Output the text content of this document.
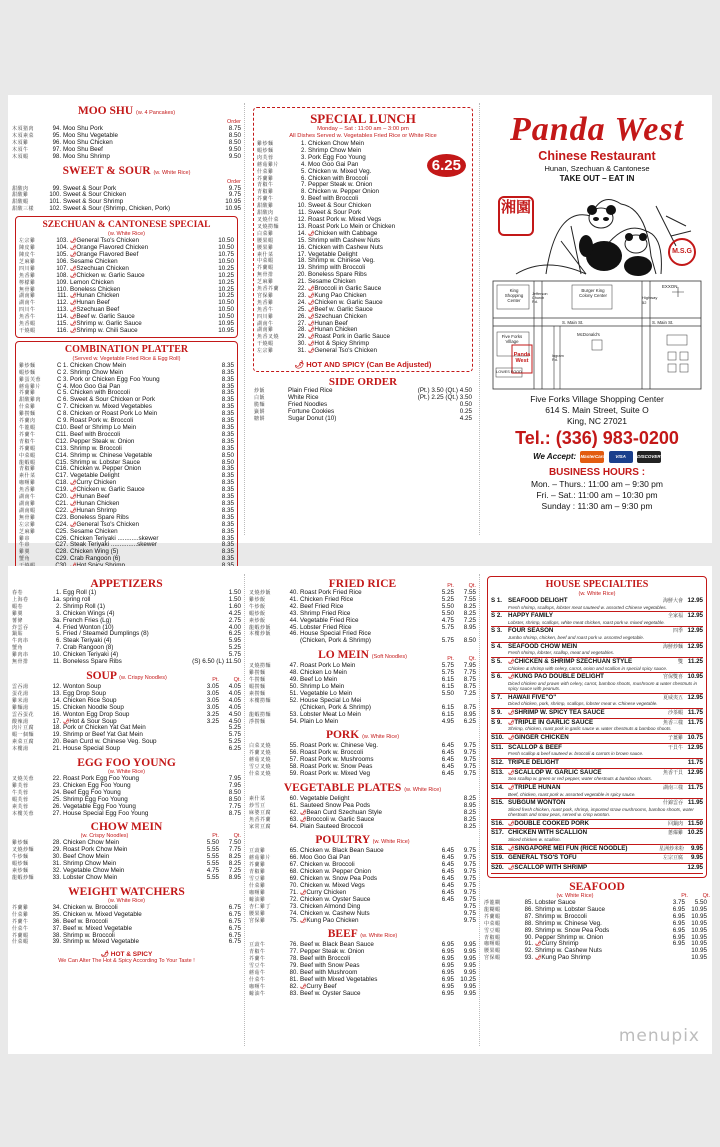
MOO SHU (w. 4 Pancakes)
Order
木須猪肉	94. Moo Shu Pork	8.75
木須素菜	95. Moo Shu Vegetable	8.50
木須雞	96. Moo Shu Chicken	8.50
木須牛	97. Moo Shu Beef	9.50
木須蝦	98. Moo Shu Shrimp	9.50
SWEET & SOUR (w. White Rice)
Order
甜酸肉	99. Sweet & Sour Pork	9.75
甜酸雞	100. Sweet & Sour Chicken	9.75
甜酸蝦	101. Sweet & Sour Shrimp	10.95
甜酸三樣	102. Sweet & Sour (Shrimp, Chicken, Pork)	10.95
SZECHUAN & CANTONESE SPECIAL
(w. White Rice)
左宗雞	103. 🌶 General Tso's Chicken	10.50
陳皮雞	104. 🌶 Orange Flavored Chicken	10.50
陳皮牛	105. 🌶 Orange Flavored Beef	10.75
芝麻雞	106. Sesame Chicken	10.50
四川雞	107. 🌶 Szechuan Chicken	10.25
魚香雞	108. 🌶 Chicken w. Garlic Sauce	10.25
檸檬雞	109. Lemon Chicken	10.25
無骨雞	110. Boneless Chicken	10.25
湖南雞	111. 🌶 Hunan Chicken	10.25
湖南牛	112. 🌶 Hunan Beef	10.50
四川牛	113. 🌶 Szechuan Beef	10.50
魚香牛	114. 🌶 Beef w. Garlic Sauce	10.50
魚香蝦	115. 🌶 Shrimp w. Garlic Sauce	10.95
干燒蝦	116. 🌶 Shrimp w. Chili Sauce	10.95
COMBINATION PLATTER
(Served w. Vegetable Fried Rice & Egg Roll)
雞炒麵	C 1. Chicken Chow Mein	8.35
蝦炒麵	C 2. Shrimp Chow Mein	8.35
雞蛋芙蓉	C 3. Pork or Chicken Egg Foo Young	8.35
蘑菇雞片	C 4. Moo Goo Gai Pan	8.35
芥蘭雞	C 5. Chicken with Broccoli	8.35
甜酸雞肉	C 6. Sweet & Sour Chicken or Pork	8.35
什菜雞	C 7. Chicken w. Mixed Vegetables	8.35
雞撈麵	C 8. Chicken or Roast Pork Lo Mein	8.35
芥蘭肉	C 9. Roast Pork w. Broccoli	8.35
牛龍蝦	C10. Beef or Shrimp Lo Mein	8.35
芥蘭牛	C11. Beef with Broccoli	8.35
青椒牛	C12. Pepper Steak w. Onion	8.35
芥蘭蝦	C13. Shrimp w. Broccoli	8.35
中菜蝦	C14. Shrimp w. Chinese Vegetable	8.50
龍蝦蝦	C15. Shrimp w. Lobster Sauce	8.50
青椒雞	C16. Chicken w. Pepper Onion	8.35
素什菜	C17. Vegetable Delight	8.35
咖喱雞	C18. 🌶 Curry Chicken	8.35
魚香雞	C19. 🌶 Chicken w. Garlic Sauce	8.35
湖南牛	C20. 🌶 Hunan Beef	8.35
湖南雞	C21. 🌶 Hunan Chicken	8.35
湖南蝦	C22. 🌶 Hunan Shrimp	8.35
無骨雞	C23. Boneless Spare Ribs	8.35
左宗雞	C24. 🌶 General Tso's Chicken	8.35
芝麻雞	C25. Sesame Chicken	8.35
雞串	C26. Chicken Teriyaki ............skewer	8.35
牛串	C27. Steak Teriyaki ...............skewer	8.35
雞翼	C28. Chicken Wing (5)	8.35
蟹角	C29. Crab Rangoon (6)	8.35
SPECIAL LUNCH
Monday – Sat : 11:00 am – 3:00 pm
All Dishes Served w. Vegetables Fried Rice or White Rice
6.25
雞炒麵	1. Chicken Chow Mein
蝦炒麵	2. Shrimp Chow Mein
肉芙蓉	3. Pork Egg Foo Young
蘑菇雞片	4. Moo Goo Gai Pan
什菜雞	5. Chicken w. Mixed Veg.
芥蘭雞	6. Chicken with Broccoli
青椒牛	7. Pepper Steak w. Onion
青椒雞	8. Chicken w. Pepper Onion
芥蘭牛	9. Beef with Broccoli
甜酸雞	10. Sweet & Sour Chicken
甜酸肉	11. Sweet & Sour Pork
叉燒什菜	12. Roast Pork w. Mixed Vegs
叉燒撈麵	13. Roast Pork Lo Mein or Chicken
白菜雞	14. 🌶 Chicken with Cabbage
腰果蝦	15. Shrimp with Cashew Nuts
腰果雞	16. Chicken with Cashew Nuts
素什菜	17. Vegetable Delight
中菜蝦	18. Shrimp w. Chinese Veg.
芥蘭蝦	19. Shrimp with Broccoli
無骨排	20. Boneless Spare Ribs
芝麻雞	21. Sesame Chicken
魚香芥蘭	22. 🌶 Broccoli in Garlic Sauce
宮保雞	23. 🌶 Kung Pao Chicken
魚香雞	24. 🌶 Chicken w. Garlic Sauce
魚香牛	25. 🌶 Beef w. Garlic Sauce
四川雞	26. 🌶 Szechuan Chicken
湖南牛	27. 🌶 Hunan Beef
湖南雞	28. 🌶 Hunan Chicken
魚香叉燒	29. 🌶 Roast Pork in Garlic Sauce
干燒蝦	30. 🌶 Hot & Spicy Shrimp
左宗雞	31. 🌶 General Tso's Chicken
🌶 HOT AND SPICY (Can Be Adjusted)
SIDE ORDER
炒飯	Plain Fried Rice	(Pt.) 3.50 (Qt.) 4.50
白飯	White Rice	(Pt.) 2.25 (Qt.) 3.50
脆麵	Fried Noodles	0.50
籤餅	Fortune Cookies	0.25
糖餅	Sugar Donut (10)	4.25
Panda West
Chinese Restaurant
Hunan, Szechuan & Cantonese
TAKE OUT – EAT IN
湘園
M.S.G
King Shopping Center
Burger King Colony Center
EXXON
Jefferson Church Rd.
Highway 52
S. Main St.	S. Main St.
Five Forks Village
McDonald's
Ingram Rd.
Panda West
LOWES FOOD
Five Forks Village Shopping Center
614 S. Main Street, Suite O
King, NC 27021
Tel.: (336) 983-0200
We Accept: MasterCard VISA DISCOVER
BUSINESS HOURS :
Mon. – Thurs.: 11:00 am – 9:30 pm
Fri. – Sat.: 11:00 am – 10:30 pm
Sunday : 11:30 am – 9:30 pm
APPETIZERS
春卷	1. Egg Roll (1)	1.50
上海卷	1a. spring roll	1.50
蝦卷	2. Shrimp Roll (1)	1.60
雞翼	3. Chicken Wings (4)	4.25
薯條	3a. French Fries (Lg)	2.75
炸雲吞	4. Fried Wonton (10)	4.00
鍋貼	5. Fried / Steamed Dumplings (8)	6.25
牛肉串	6. Steak Teriyaki (4)	5.95
蟹角	7. Crab Rangoon (8)	5.25
雞肉串	10. Chicken Teriyaki (4)	5.75
無骨排	11. Boneless Spare Ribs	(S) 6.50 (L) 11.50
SOUP (w. Crispy Noodles)	Pt.	Qt.
雲吞湯	12. Wonton Soup	3.05	4.05
蛋花湯	13. Egg Drop Soup	3.05	4.05
雞米湯	14. Chicken Rice Soup	3.05	4.05
雞麵湯	15. Chicken Noodle Soup	3.05	4.05
雲吞蛋花	16. Wonton Egg Drop Soup	3.25	4.50
酸辣湯	17. 🌶 Hot & Sour Soup	3.25	4.50
肉片豆腐	18. Pork or Chicken Yat Gat Mein	5.25
蝦一個麵	19. Shrimp or Beef Yat Gat Mein	5.75
素菜豆腐	20. Bean Curd w. Chinese Veg. Soup	5.25
本樓湯	21. House Special Soup	6.25
EGG FOO YOUNG
(w. White Rice)
叉燒芙蓉	22. Roast Pork Egg Foo Young	7.95
雞芙蓉	23. Chicken Egg Foo Young	7.95
牛芙蓉	24. Beef Egg Foo Young	8.50
蝦芙蓉	25. Shrimp Egg Foo Young	8.50
素芙蓉	26. Vegetable Egg Foo Young	7.75
本樓芙蓉	27. House Special Egg Foo Young	8.75
CHOW MEIN
(w. Crispy Noodles)	Pt.	Qt.
雞炒麵	28. Chicken Chow Mein	5.50	7.50
叉燒炒麵	29. Roast Pork Chow Mein	5.55	7.75
牛炒麵	30. Beef Chow Mein	5.55	8.25
蝦炒麵	31. Shrimp Chow Mein	5.55	8.25
素炒麵	32. Vegetable Chow Mein	4.75	7.25
龍蝦炒麵	33. Lobster Chow Mein	5.55	8.95
WEIGHT WATCHERS
(w. White Rice)
芥蘭雞	34. Chicken w. Broccoli	6.75
什菜雞	35. Chicken w. Mixed Vegetable	6.75
芥蘭牛	36. Beef w. Broccoli	6.75
什菜牛	37. Beef w. Mixed Vegetable	6.75
芥蘭蝦	38. Shrimp w. Broccoli	6.75
什菜蝦	39. Shrimp w. Mixed Vegetable	6.75
🌶 HOT & SPICY
We Can Alter The Hot & Spicy According To Your Taste !
FRIED RICE	Pt.	Qt.
叉燒炒飯	40. Roast Pork Fried Rice	5.25	7.55
雞炒飯	41. Chicken Fried Rice	5.25	7.55
牛炒飯	42. Beef Fried Rice	5.50	8.25
蝦炒飯	43. Shrimp Fried Rice	5.50	8.25
素炒飯	44. Vegetable Fried Rice	4.75	7.25
龍蝦炒飯	45. Lobster Fried Rice	5.75	8.95
本樓炒飯	46. House Special Fried Rice
(Chicken, Pork & Shrimp)	5.75	8.50
LO MEIN (Soft Noodles)	Pt.	Qt.
叉燒撈麵	47. Roast Pork Lo Mein	5.75	7.95
雞撈麵	48. Chicken Lo Mein	5.75	7.75
牛撈麵	49. Beef Lo Mein	6.15	8.75
蝦撈麵	50. Shrimp Lo Mein	6.15	8.75
素撈麵	51. Vegetable Lo Mein	5.50	7.25
本樓撈麵	52. House Special Lo Mei
(Chicken, Pork & Shrimp)	6.15	8.75
龍蝦撈麵	53. Lobster Meat Lo Mein	6.15	8.95
淨撈麵	54. Plain Lo Mein	4.95	6.25
PORK (w. White Rice)
白菜叉燒	55. Roast Pork w. Chinese Veg.	6.45	9.75
芥蘭叉燒	56. Roast Pork w. Broccoli	6.45	9.75
蘑菇叉燒	57. Roast Pork w. Mushrooms	6.45	9.75
雪豆叉燒	58. Roast Pork w. Snow Peas	6.45	9.75
什菜叉燒	59. Roast Pork w. Mixed Veg	6.45	9.75
VEGETABLE PLATES (w. White Rice)
素什菜	60. Vegetable Delight	8.25
炒雪豆	61. Sauteed Snow Pea Pods	8.95
麻婆豆腐	62. 🌶 Bean Curd Szechuan Style	8.25
魚香芥蘭	63. 🌶 Broccoli w. Garlic Sauce	8.25
家常豆腐	64. Plain Sauteed Broccoli	8.25
POULTRY (w. White Rice)
豆豉雞	65. Chicken w. Black Bean Sauce	6.45	9.75
蘑菇雞片	66. Moo Goo Gai Pan	6.45	9.75
芥蘭雞	67. Chicken w. Broccoli	6.45	9.75
青椒雞	68. Chicken w. Pepper Onion	6.45	9.75
雪豆雞	69. Chicken w. Snow Pea Pods	6.45	9.75
什菜雞	70. Chicken w. Mixed Vegs	6.45	9.75
咖喱雞	71. 🌶 Curry Chicken	6.45	9.75
蠔油雞	72. Chicken w. Oyster Sauce	6.45	9.75
杏仁雞丁	73. Chicken Almond Ding	9.75
腰果雞	74. Chicken w. Cashew Nuts	9.75
宮保雞	75. 🌶 Kung Pao Chicken	9.75
BEEF (w. White Rice)
豆豉牛	76. Beef w. Black Bean Sauce	6.95	9.95
青椒牛	77. Pepper Steak w. Onion	6.95	9.95
芥蘭牛	78. Beef with Broccoli	6.95	9.95
雪豆牛	79. Beef with Snow Peas	6.95	9.95
蘑菇牛	80. Beef with Mushroom	6.95	9.95
什菜牛	81. Beef with Mixed Vegetables	6.95 10.25
咖喱牛	82. 🌶 Curry Beef	6.95	9.95
蠔油牛	83. Beef w. Oyster Sauce	6.95	9.95
HOUSE SPECIALTIES
(w. White Rice)
S 1. SEAFOOD DELIGHT	海鮮大會 12.95
Fresh shrimp, scallops, lobster meat sauteed w. assorted Chinese vegetables.
S 2. HAPPY FAMILY	全家福 12.95
Lobster, shrimp, scallops, white meat chicken, roast pork w. mixed vegetable.
S 3. FOUR SEASON	四季 12.95
Jumbo shrimp, chicken, beef and roast pork w. assorted vegetable.
S 4. SEAFOOD CHOW MEIN	海鮮炒麵 12.95
Fresh shrimp, lobster, scallop, meat and vegetables.
S 5.	🌶 CHICKEN & SHRIMP SZECHUAN STYLE	雙 11.25
Chicken & shrimp with celery, carrot, onion and scallion in special spicy sauce.
S 6.	🌶 KUNG PAO DOUBLE DELIGHT	宮保雙喜 10.95
Diced chicken and prawn with celery, carrot, bamboo shoots, mushroom & water chestnuts in spicy sauce with peanuts.
S 7. HAWAII FIVE"O"	夏威夷五 12.95
Diced chicken, pork, shrimp, scallops, lobster meat w. Chinese vegetable.
S 9.	🌶 SHRIMP W. SPICY TEA SAUCE	沙茶蝦 11.75
S 9.	🌶 TRIPLE IN GARLIC SAUCE	魚香三樣 11.75
Shrimp, chicken, roast pork in garlic sauce w. water chestnuts & bamboo shoots.
S10. 🌶 GINGER CHICKEN	子薑雞 10.75
S11. SCALLOP & BEEF	干貝牛 12.95
Fresh scallop & beef sauteed w. broccoli & carrots in brown sauce.
S12. TRIPLE DELIGHT	11.75
S13. 🌶 SCALLOP W. GARLIC SAUCE	魚香干貝 12.95
Sea scallop w. green or red pepper, water chestnuts & bamboo shoots.
S14. 🌶 TRIPLE HUNAN	湖南三樣 11.75
Beef, chicken, roast pork w. assorted vegetable in spicy sauce.
S15. SUBGUM WONTON	什錦雲吞 11.95
Sliced fresh chicken, roast pork, shrimp, imported straw mushrooms, bamboo shoots, water chestnuts and snow peas, served w. crisp wonton.
S16. 🌶 DOUBLE COOKED PORK	回鍋肉 11.50
S17. CHICKEN WITH SCALLION	蔥爆雞 10.25
Sliced chicken w. scallion.
S18. 🌶 SINGAPORE MEI FUN (RICE NOODLE)	星洲炒米粉	9.95
S19. GENERAL TSO'S TOFU	左宗豆腐	9.95
S20. 🌶 SCALLOP WITH SHRIMP	12.95
SEAFOOD
(w. White Rice)	Pt.	Qt.
淨龍糊	85. Lobster Sauce	3.75	5.50
龍糊蝦	86. Shrimp w. Lobster Sauce	6.95 10.95
芥蘭蝦	87. Shrimp w. Broccoli	6.95 10.95
中菜蝦	88. Shrimp w. Chinese Veg.	6.95 10.95
雪豆蝦	89. Shrimp w. Snow Pea Pods	6.95 10.95
青椒蝦	90. Pepper Shrimp w. Onion	6.95 10.95
咖喱蝦	91. 🌶 Curry Shrimp	6.95 10.95
腰果蝦	92. Shrimp w. Cashew Nuts	10.95
宮保蝦	93. 🌶 Kung Pao Shrimp	10.95
menupix
